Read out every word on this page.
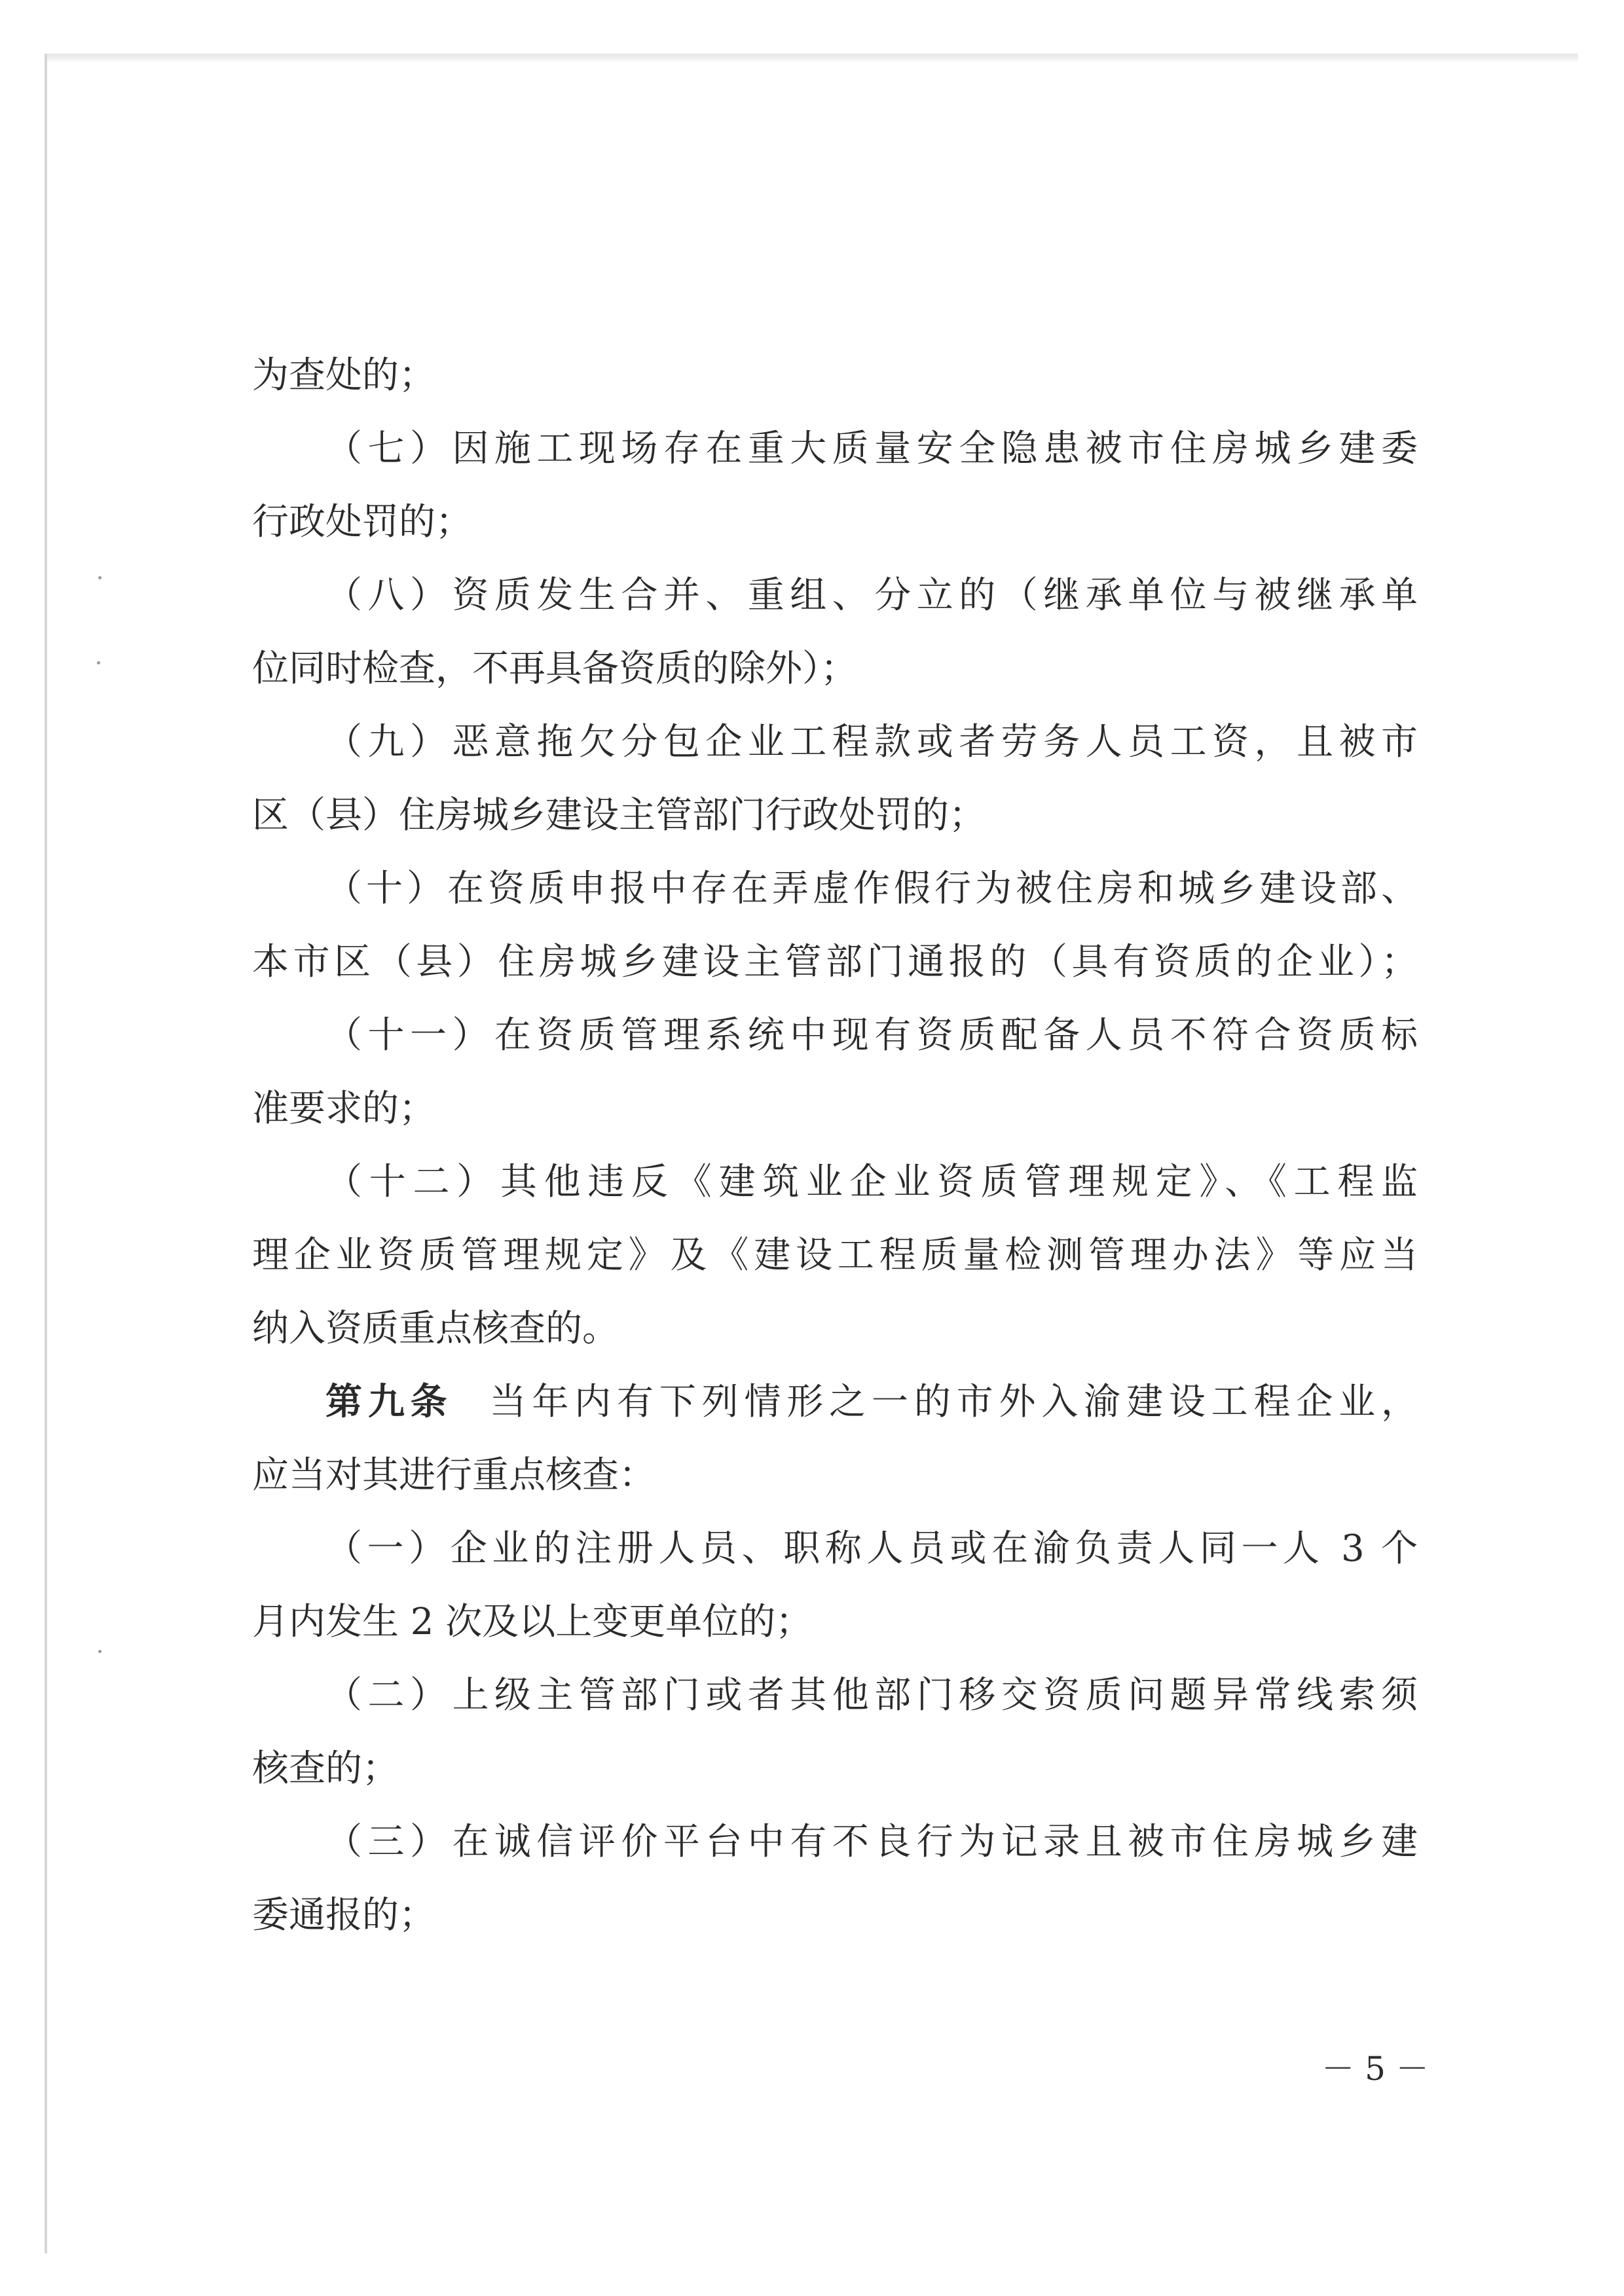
为查处的；
（七）因施工现场存在重大质量安全隐患被市住房城乡建委
行政处罚的；
（八）资质发生合并、重组、分立的（继承单位与被继承单
位同时检查，不再具备资质的除外）；
（九）恶意拖欠分包企业工程款或者劳务人员工资，且被市
区（县）住房城乡建设主管部门行政处罚的；
（十）在资质申报中存在弄虚作假行为被住房和城乡建设部、
本市区（县）住房城乡建设主管部门通报的（具有资质的企业）；
（十一）在资质管理系统中现有资质配备人员不符合资质标
准要求的；
（十二）其他违反《建筑业企业资质管理规定》、《工程监
理企业资质管理规定》及《建设工程质量检测管理办法》等应当
纳入资质重点核查的。
第九条 当年内有下列情形之一的市外入渝建设工程企业，
应当对其进行重点核查：
（一）企业的注册人员、职称人员或在渝负责人同一人 3 个
月内发生 2 次及以上变更单位的；
（二）上级主管部门或者其他部门移交资质问题异常线索须
核查的；
（三）在诚信评价平台中有不良行为记录且被市住房城乡建
委通报的；
－ 5 －
